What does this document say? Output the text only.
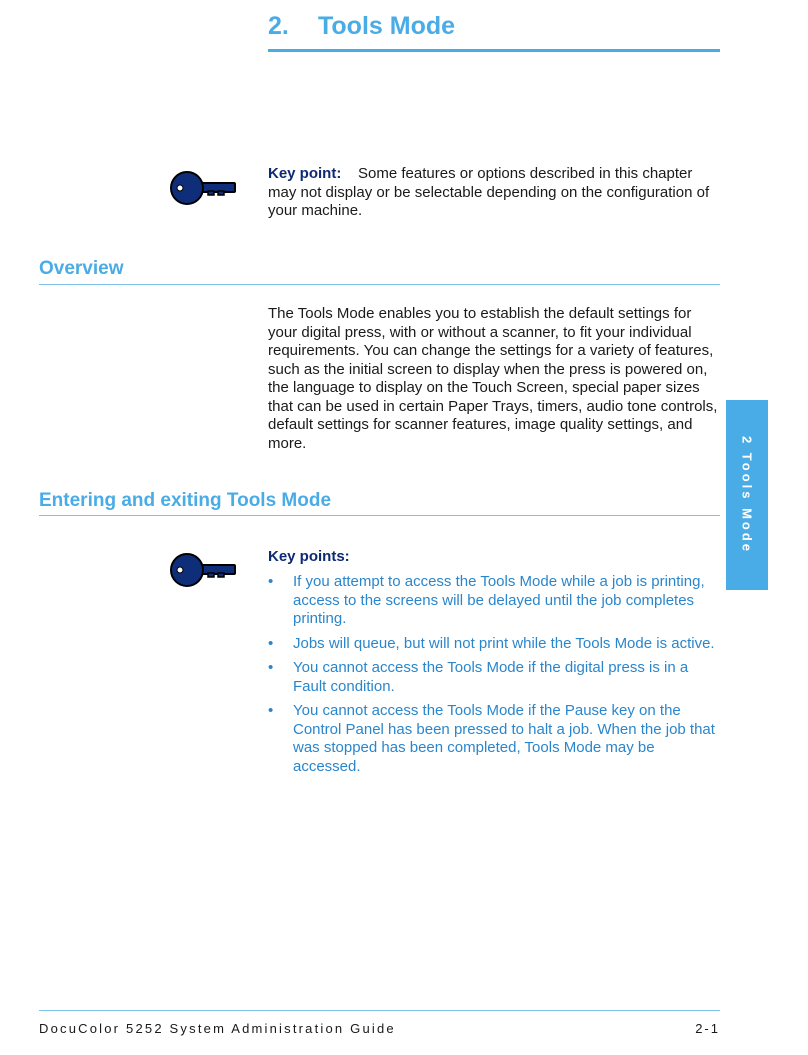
2. Tools Mode
Key point: Some features or options described in this chapter may not display or be selectable depending on the configuration of your machine.
Overview
The Tools Mode enables you to establish the default settings for your digital press, with or without a scanner, to fit your individual requirements. You can change the settings for a variety of features, such as the initial screen to display when the press is powered on, the language to display on the Touch Screen, special paper sizes that can be used in certain Paper Trays, timers, audio tone controls, default settings for scanner features, image quality settings, and more.
Entering and exiting Tools Mode
Key points:
• If you attempt to access the Tools Mode while a job is printing, access to the screens will be delayed until the job completes printing.
• Jobs will queue, but will not print while the Tools Mode is active.
• You cannot access the Tools Mode if the digital press is in a Fault condition.
• You cannot access the Tools Mode if the Pause key on the Control Panel has been pressed to halt a job. When the job that was stopped has been completed, Tools Mode may be accessed.
2 Tools Mode
DocuColor 5252 System Administration Guide	2-1
